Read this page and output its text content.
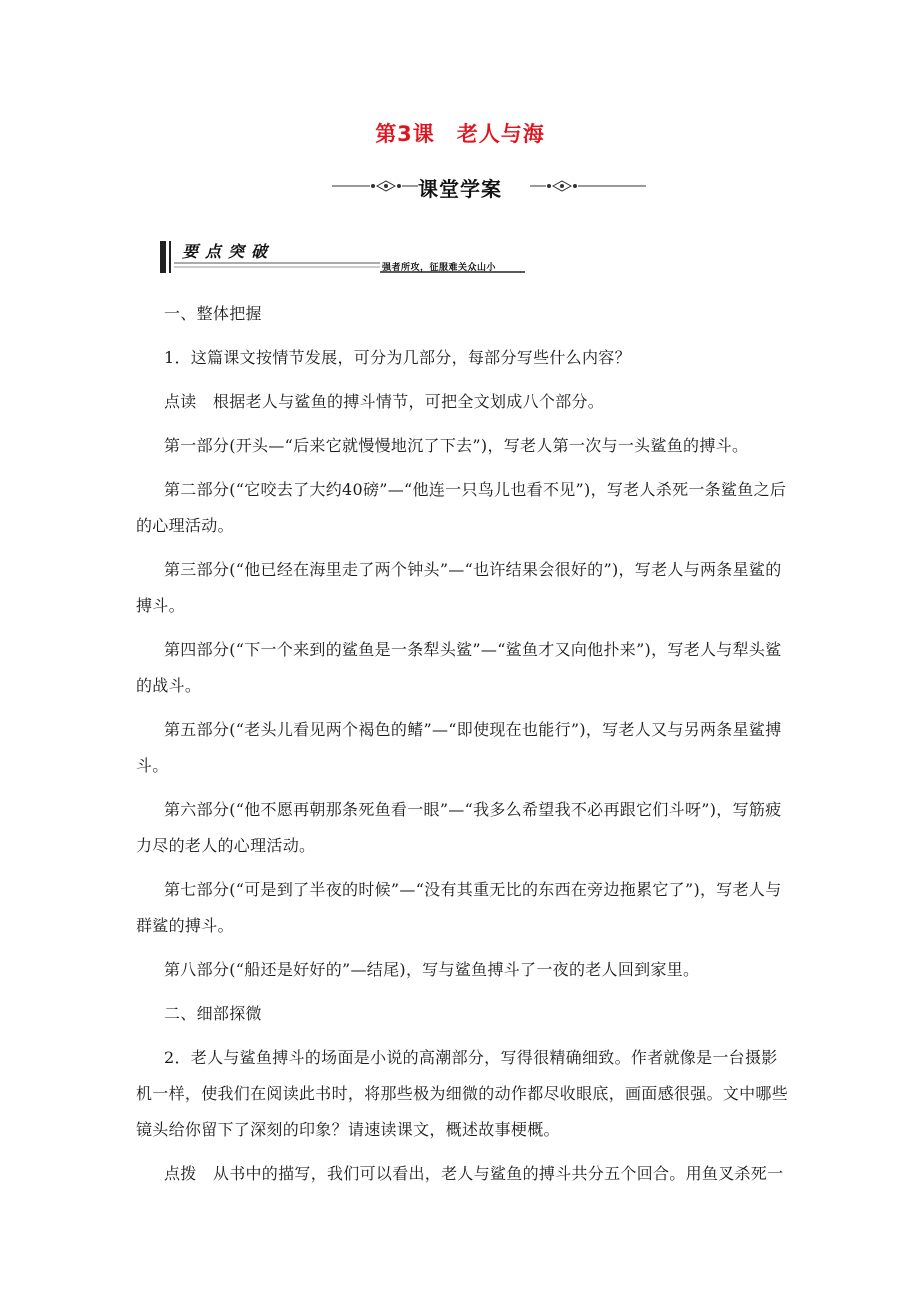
第3课　老人与海
课堂学案
要点突破
强者所攻，征服难关众山小

一、整体把握

1．这篇课文按情节发展，可分为几部分，每部分写些什么内容？

点读　根据老人与鲨鱼的搏斗情节，可把全文划成八个部分。

第一部分(开头—“后来它就慢慢地沉了下去”)，写老人第一次与一头鲨鱼的搏斗。

第二部分(“它咬去了大约40磅”—“他连一只鸟儿也看不见”)，写老人杀死一条鲨鱼之后的心理活动。

第三部分(“他已经在海里走了两个钟头”—“也许结果会很好的”)，写老人与两条星鲨的搏斗。

第四部分(“下一个来到的鲨鱼是一条犁头鲨”—“鲨鱼才又向他扑来”)，写老人与犁头鲨的战斗。

第五部分(“老头儿看见两个褐色的鳍”—“即使现在也能行”)，写老人又与另两条星鲨搏斗。

第六部分(“他不愿再朝那条死鱼看一眼”—“我多么希望我不必再跟它们斗呀”)，写筋疲力尽的老人的心理活动。

第七部分(“可是到了半夜的时候”—“没有其重无比的东西在旁边拖累它了”)，写老人与群鲨的搏斗。

第八部分(“船还是好好的”—结尾)，写与鲨鱼搏斗了一夜的老人回到家里。

二、细部探微

2．老人与鲨鱼搏斗的场面是小说的高潮部分，写得很精确细致。作者就像是一台摄影机一样，使我们在阅读此书时，将那些极为细微的动作都尽收眼底，画面感很强。文中哪些镜头给你留下了深刻的印象？请速读课文，概述故事梗概。

点拨　从书中的描写，我们可以看出，老人与鲨鱼的搏斗共分五个回合。用鱼叉杀死一
